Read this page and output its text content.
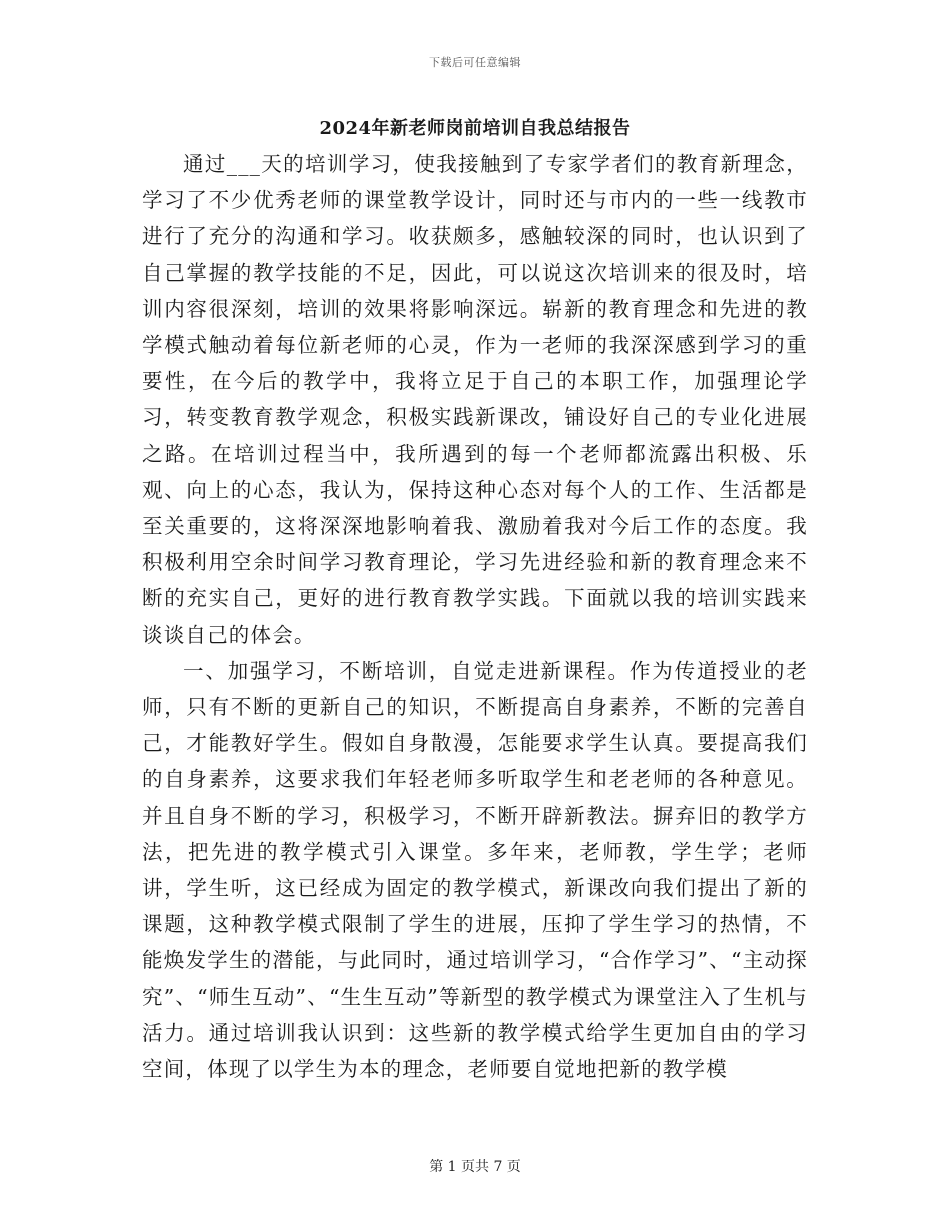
下载后可任意编辑
2024年新老师岗前培训自我总结报告

通过___天的培训学习，使我接触到了专家学者们的教育新理念，学习了不少优秀老师的课堂教学设计，同时还与市内的一些一线教市进行了充分的沟通和学习。收获颇多，感触较深的同时，也认识到了自己掌握的教学技能的不足，因此，可以说这次培训来的很及时，培训内容很深刻，培训的效果将影响深远。崭新的教育理念和先进的教学模式触动着每位新老师的心灵，作为一老师的我深深感到学习的重要性，在今后的教学中，我将立足于自己的本职工作，加强理论学习，转变教育教学观念，积极实践新课改，铺设好自己的专业化进展之路。在培训过程当中，我所遇到的每一个老师都流露出积极、乐观、向上的心态，我认为，保持这种心态对每个人的工作、生活都是至关重要的，这将深深地影响着我、激励着我对今后工作的态度。我积极利用空余时间学习教育理论，学习先进经验和新的教育理念来不断的充实自己，更好的进行教育教学实践。下面就以我的培训实践来谈谈自己的体会。

一、加强学习，不断培训，自觉走进新课程。作为传道授业的老师，只有不断的更新自己的知识，不断提高自身素养，不断的完善自己，才能教好学生。假如自身散漫，怎能要求学生认真。要提高我们的自身素养，这要求我们年轻老师多听取学生和老老师的各种意见。并且自身不断的学习，积极学习，不断开辟新教法。摒弃旧的教学方法，把先进的教学模式引入课堂。多年来，老师教，学生学；老师讲，学生听，这已经成为固定的教学模式，新课改向我们提出了新的课题，这种教学模式限制了学生的进展，压抑了学生学习的热情，不能焕发学生的潜能，与此同时，通过培训学习，“合作学习”、“主动探究”、“师生互动”、“生生互动”等新型的教学模式为课堂注入了生机与活力。通过培训我认识到：这些新的教学模式给学生更加自由的学习空间，体现了以学生为本的理念，老师要自觉地把新的教学模

第 1 页共 7 页
